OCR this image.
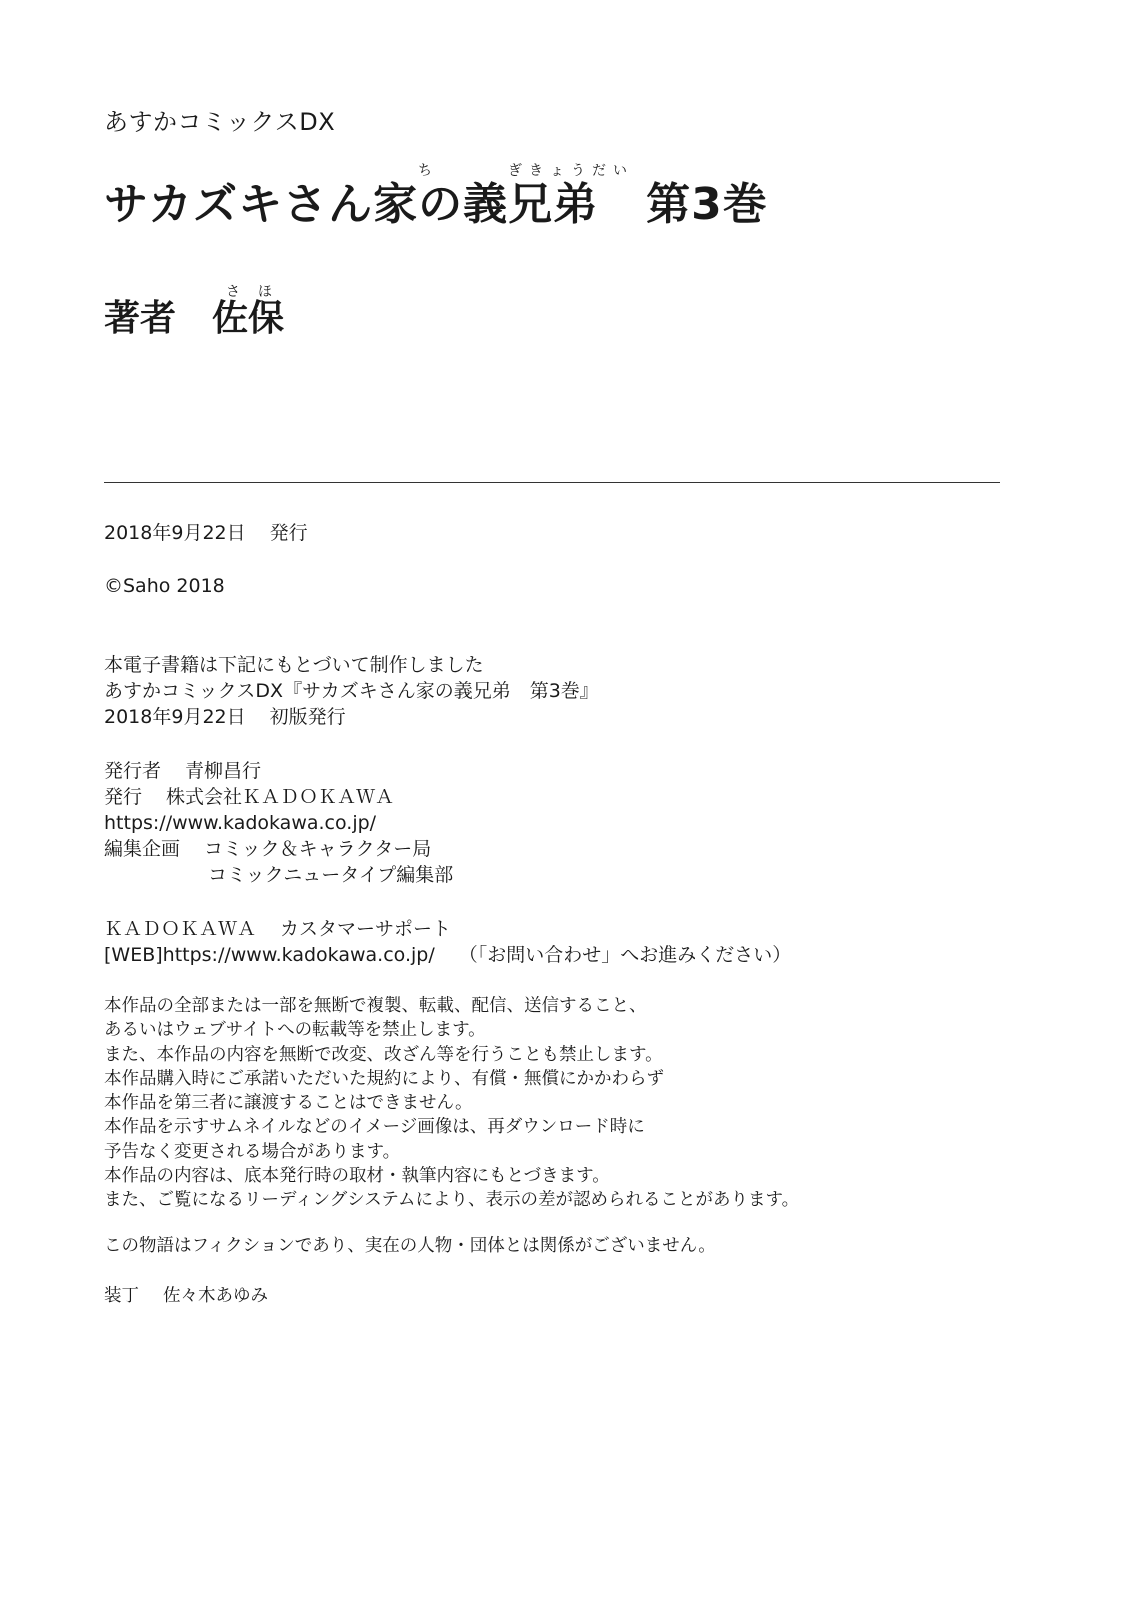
あすかコミックスDX
ち	ぎきょうだい
サカズキさん家の義兄弟 第3巻
さほ
著者 佐保
2018年9月22日 発行
©Saho 2018
本電子書籍は下記にもとづいて制作しました
あすかコミックスDX『サカズキさん家の義兄弟　第3巻』
2018年9月22日 初版発行
発行者 青柳昌行
発行 株式会社ＫＡＤＯＫＡＷＡ
https://www.kadokawa.co.jp/
編集企画 コミック＆キャラクター局
コミックニュータイプ編集部
ＫＡＤＯＫＡＷＡ カスタマーサポート
[WEB]https://www.kadokawa.co.jp/ （「お問い合わせ」へお進みください）
本作品の全部または一部を無断で複製、転載、配信、送信すること、
あるいはウェブサイトへの転載等を禁止します。
また、本作品の内容を無断で改変、改ざん等を行うことも禁止します。
本作品購入時にご承諾いただいた規約により、有償・無償にかかわらず
本作品を第三者に譲渡することはできません。
本作品を示すサムネイルなどのイメージ画像は、再ダウンロード時に
予告なく変更される場合があります。
本作品の内容は、底本発行時の取材・執筆内容にもとづきます。
また、ご覧になるリーディングシステムにより、表示の差が認められることがあります。
この物語はフィクションであり、実在の人物・団体とは関係がございません。
装丁 佐々木あゆみ
